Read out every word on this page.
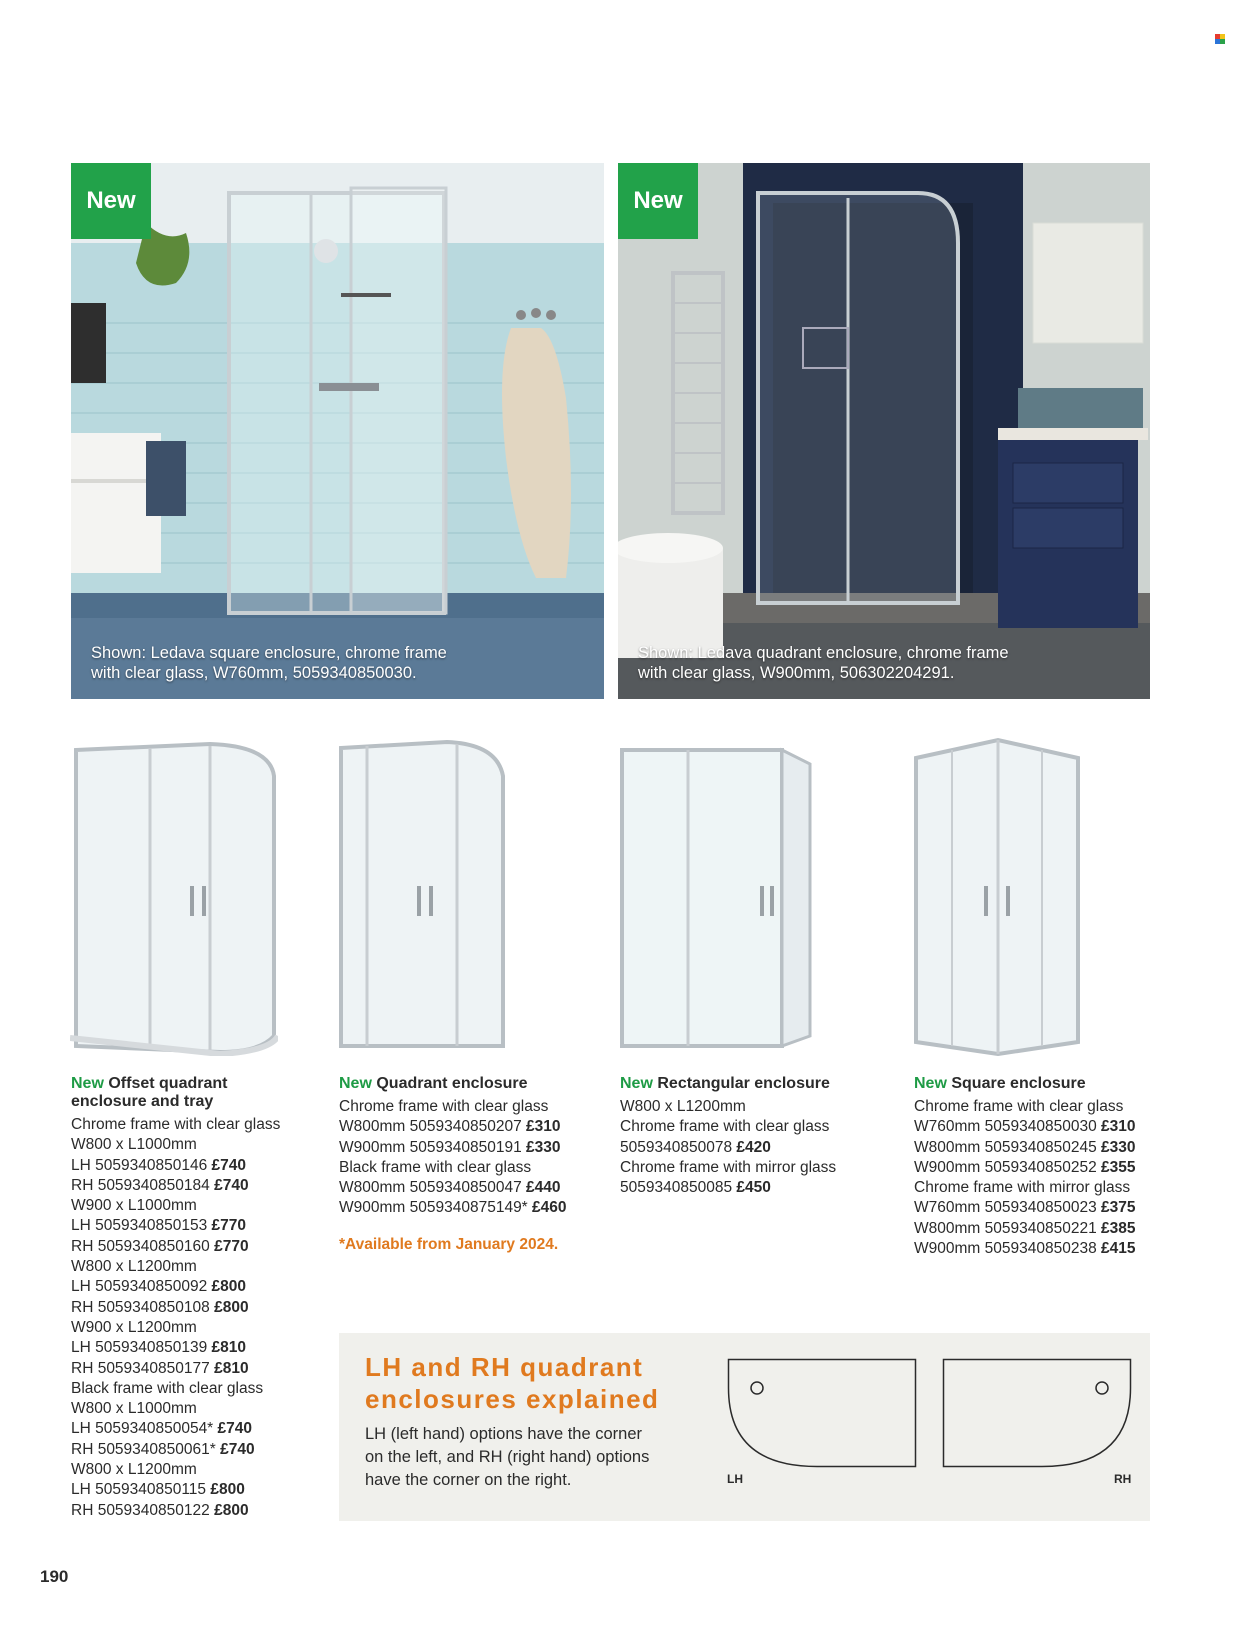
New
Shown: Ledava square enclosure, chrome frame
with clear glass, W760mm, 5059340850030.
New
Shown: Ledava quadrant enclosure, chrome frame
with clear glass, W900mm, 506302204291.
New Offset quadrant
enclosure and tray
Chrome frame with clear glass
W800 x L1000mm
LH 5059340850146 £740
RH 5059340850184 £740
W900 x L1000mm
LH 5059340850153 £770
RH 5059340850160 £770
W800 x L1200mm
LH 5059340850092 £800
RH 5059340850108 £800
W900 x L1200mm
LH 5059340850139 £810
RH 5059340850177 £810
Black frame with clear glass
W800 x L1000mm
LH 5059340850054* £740
RH 5059340850061* £740
W800 x L1200mm
LH 5059340850115 £800
RH 5059340850122 £800
New Quadrant enclosure
Chrome frame with clear glass
W800mm 5059340850207 £310
W900mm 5059340850191 £330
Black frame with clear glass
W800mm 5059340850047 £440
W900mm 5059340875149* £460
*Available from January 2024.
New Rectangular enclosure
W800 x L1200mm
Chrome frame with clear glass
5059340850078 £420
Chrome frame with mirror glass
5059340850085 £450
New Square enclosure
Chrome frame with clear glass
W760mm 5059340850030 £310
W800mm 5059340850245 £330
W900mm 5059340850252 £355
Chrome frame with mirror glass
W760mm 5059340850023 £375
W800mm 5059340850221 £385
W900mm 5059340850238 £415
LH and RH quadrant
enclosures explained
LH (left hand) options have the corner
on the left, and RH (right hand) options
have the corner on the right.	LH	RH
190
